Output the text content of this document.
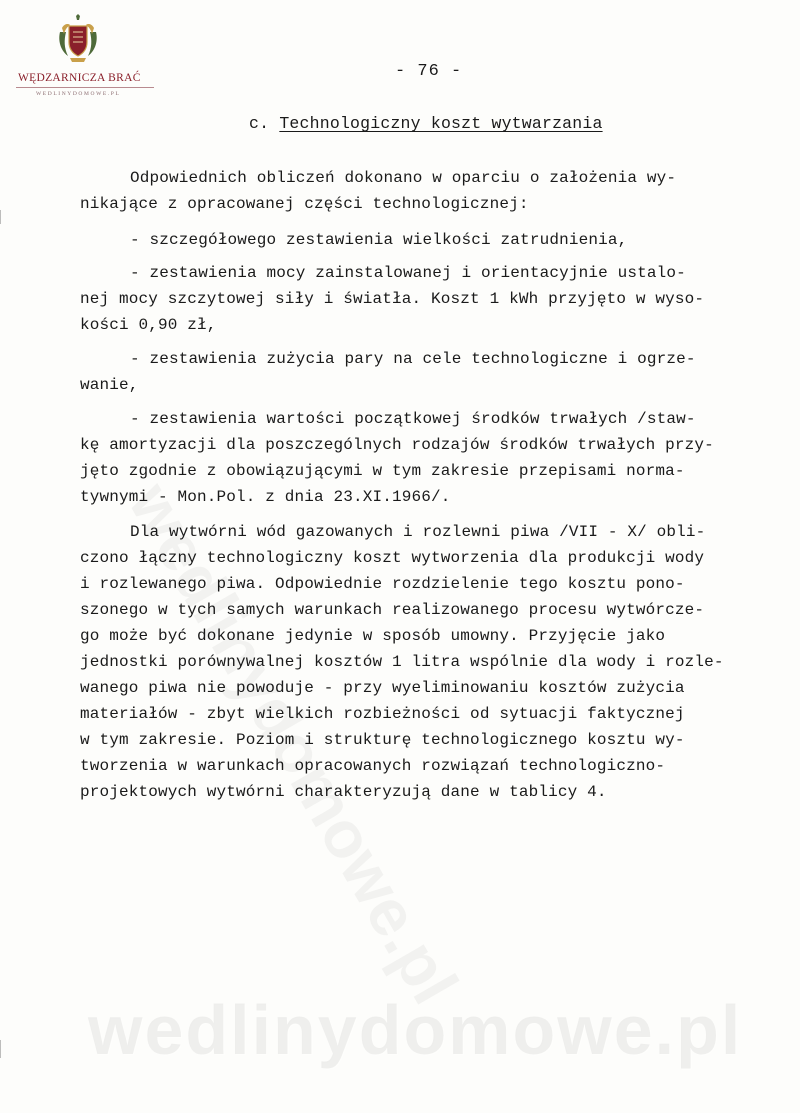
WĘDZARNICZA BRAĆ
WEDLINYDOMOWE.PL
- 76 -
c. Technologiczny koszt wytwarzania
Odpowiednich obliczeń dokonano w oparciu o założenia wy-
nikające z opracowanej części technologicznej:
- szczegółowego zestawienia wielkości zatrudnienia,
- zestawienia mocy zainstalowanej i orientacyjnie ustalo-
nej mocy szczytowej siły i światła. Koszt 1 kWh przyjęto w wyso-
kości 0,90 zł,
- zestawienia zużycia pary na cele technologiczne i ogrze-
wanie,
- zestawienia wartości początkowej środków trwałych /staw-
kę amortyzacji dla poszczególnych rodzajów środków trwałych przy-
jęto zgodnie z obowiązującymi w tym zakresie przepisami norma-
tywnymi - Mon.Pol. z dnia 23.XI.1966/.
Dla wytwórni wód gazowanych i rozlewni piwa /VII - X/ obli-
czono łączny technologiczny koszt wytworzenia dla produkcji wody
i rozlewanego piwa. Odpowiednie rozdzielenie tego kosztu pono-
szonego w tych samych warunkach realizowanego procesu wytwórcze-
go może być dokonane jedynie w sposób umowny. Przyjęcie jako
jednostki porównywalnej kosztów 1 litra wspólnie dla wody i rozle-
wanego piwa nie powoduje - przy wyeliminowaniu kosztów zużycia
materiałów - zbyt wielkich rozbieżności od sytuacji faktycznej
w tym zakresie. Poziom i strukturę technologicznego kosztu wy-
tworzenia w warunkach opracowanych rozwiązań technologiczno-
projektowych wytwórni charakteryzują dane w tablicy 4.
wedlinydomowe.pl
